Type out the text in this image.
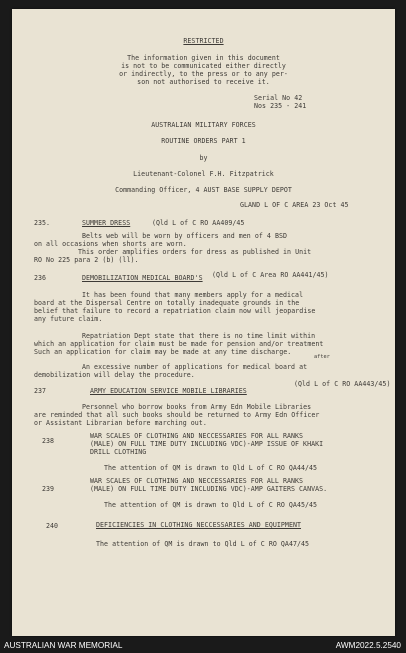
RESTRICTED
The information given in this document
is not to be communicated either directly
or indirectly, to the press or to any per-
son not authorised to receive it.
Serial No 42
Nos 235 - 241
AUSTRALIAN MILITARY FORCES
ROUTINE ORDERS PART 1
by
Lieutenant-Colonel F.H. Fitzpatrick
Commanding Officer, 4 AUST BASE SUPPLY DEPOT
GLAND L OF C AREA 23 Oct 45
235.	SUMMER DRESS	(Qld L of C RO AA409/45
Belts web will be worn by officers and men of 4 BSD
on all occasions when shorts are worn.
This order amplifies orders for dress as published in Unit
RO No 225 para 2 (b) (ll).
236	DEMOBILIZATION MEDICAL BOARD'S (Qld L of C Area RO AA441/45)
It has been found that many members apply for a medical
board at the Dispersal Centre on totally inadequate grounds in the
belief that failure to record a repatriation claim now will jeopardise
any future claim.
Repatriation Dept state that there is no time limit within
which an application for claim must be made for pension and/or treatment
Such an application for claim may be made at any time discharge.
after
An excessive number of applications for medical board at
demobilization will delay the procedure.
237	ARMY EDUCATION SERVICE MOBILE LIBRARIES
(Qld L of C RO AA443/45)
Personnel who borrow books from Army Edn Mobile Libraries
are reminded that all such books should be returned to Army Edn Officer
or Assistant Librarian before marching out.
238
WAR SCALES OF CLOTHING AND NECCESSARIES FOR ALL RANKS
(MALE) ON FULL TIME DUTY INCLUDING VDC)-AMP ISSUE OF KHAKI
DRILL CLOTHING
The attention of QM is drawn to Qld L of C RO QA44/45
239
WAR SCALES OF CLOTHING AND NECCESSARIES FOR ALL RANKS
(MALE) ON FULL TIME DUTY INCLUDING VDC)-AMP GAITERS CANVAS.
The attention of QM is drawn to Qld L of C RO QA45/45
240	DEFICIENCIES IN CLOTHING NECCESSARIES AND EQUIPMENT
The attention of QM is drawn to Qld L of C RO QA47/45
AUSTRALIAN WAR MEMORIAL	AWM2022.5.2540
